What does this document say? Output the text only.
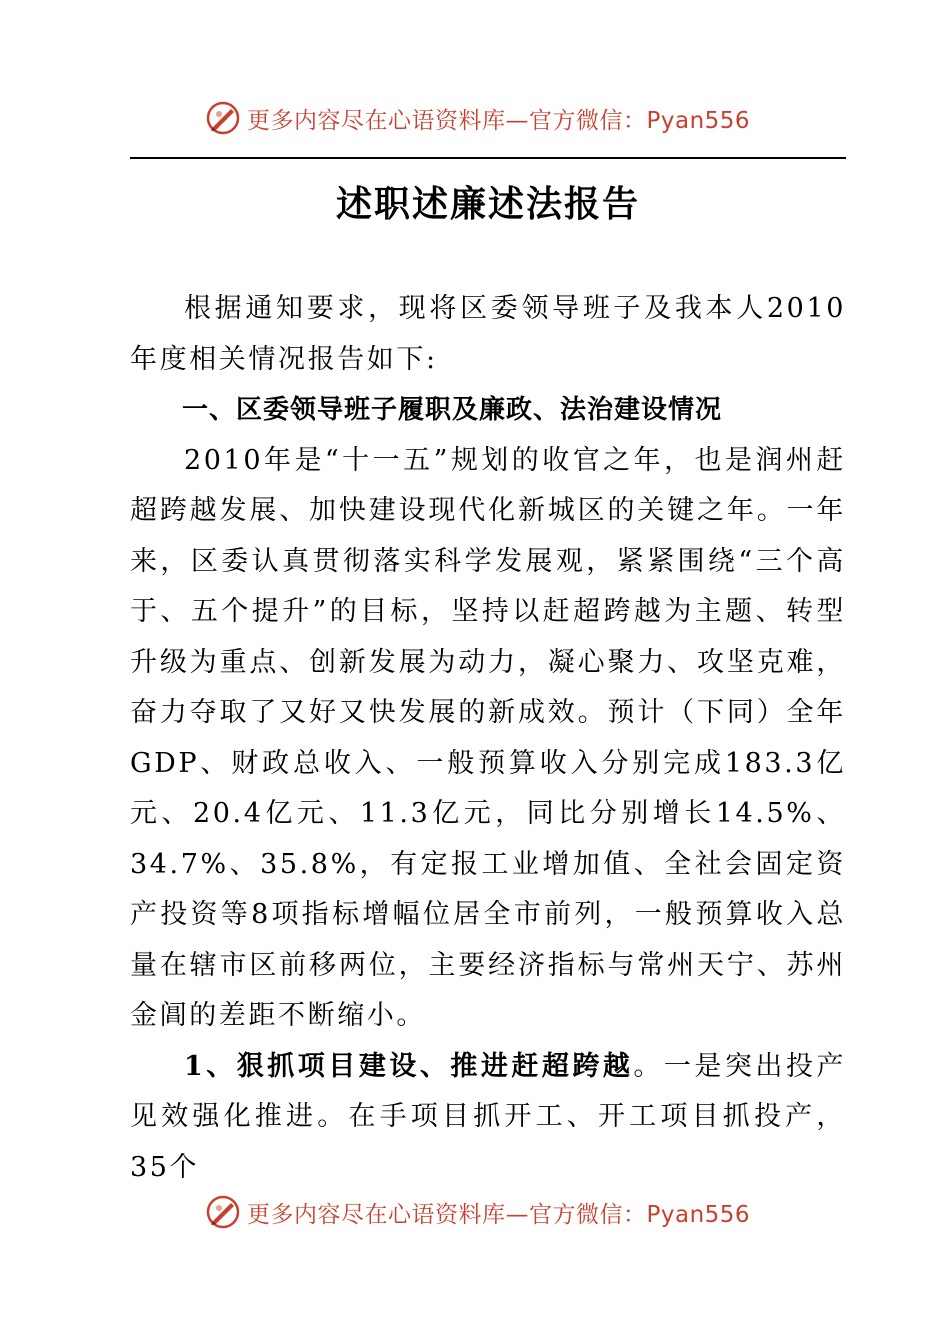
更多内容尽在心语资料库—官方微信：Pyan556
述职述廉述法报告

根据通知要求，现将区委领导班子及我本人2010年度相关情况报告如下:

一、区委领导班子履职及廉政、法治建设情况

2010年是“十一五”规划的收官之年，也是润州赶超跨越发展、加快建设现代化新城区的关键之年。一年来，区委认真贯彻落实科学发展观，紧紧围绕“三个高于、五个提升”的目标，坚持以赶超跨越为主题、转型升级为重点、创新发展为动力，凝心聚力、攻坚克难，奋力夺取了又好又快发展的新成效。预计（下同）全年GDP、财政总收入、一般预算收入分别完成183.3亿元、20.4亿元、11.3亿元，同比分别增长14.5%、34.7%、35.8%，有定报工业增加值、全社会固定资产投资等8项指标增幅位居全市前列，一般预算收入总量在辖市区前移两位，主要经济指标与常州天宁、苏州金阊的差距不断缩小。

1、狠抓项目建设、推进赶超跨越。一是突出投产见效强化推进。在手项目抓开工、开工项目抓投产，35个

更多内容尽在心语资料库—官方微信：Pyan556
